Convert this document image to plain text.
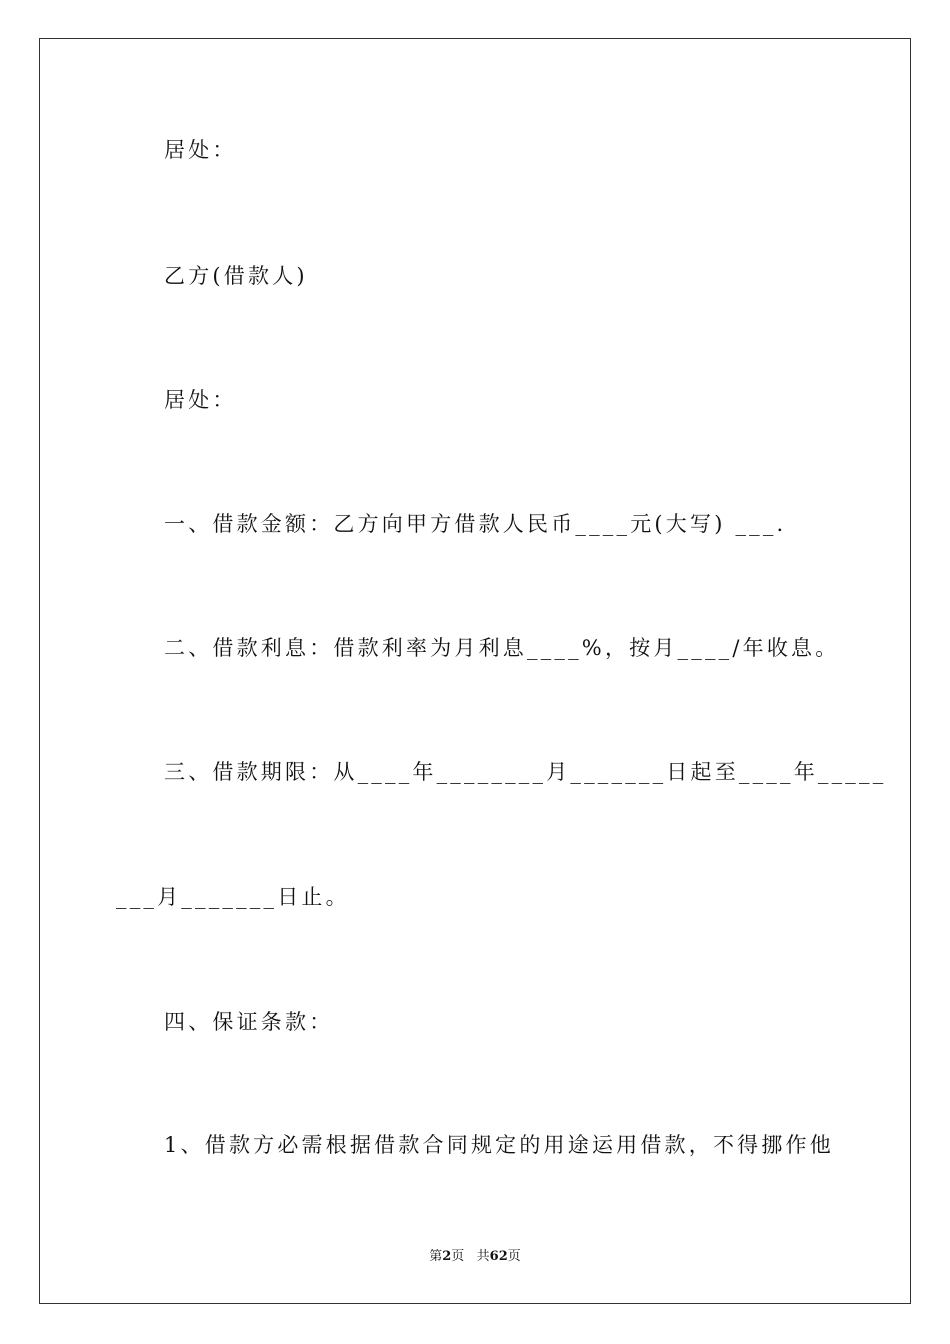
居处：

乙方(借款人)

居处：

一、借款金额：乙方向甲方借款人民币____元(大写) ___.

二、借款利息：借款利率为月利息____%，按月____/年收息。

三、借款期限：从____年________月_______日起至____年_____

___月_______日止。

四、保证条款：

1、借款方必需根据借款合同规定的用途运用借款，不得挪作他

第2页   共62页
